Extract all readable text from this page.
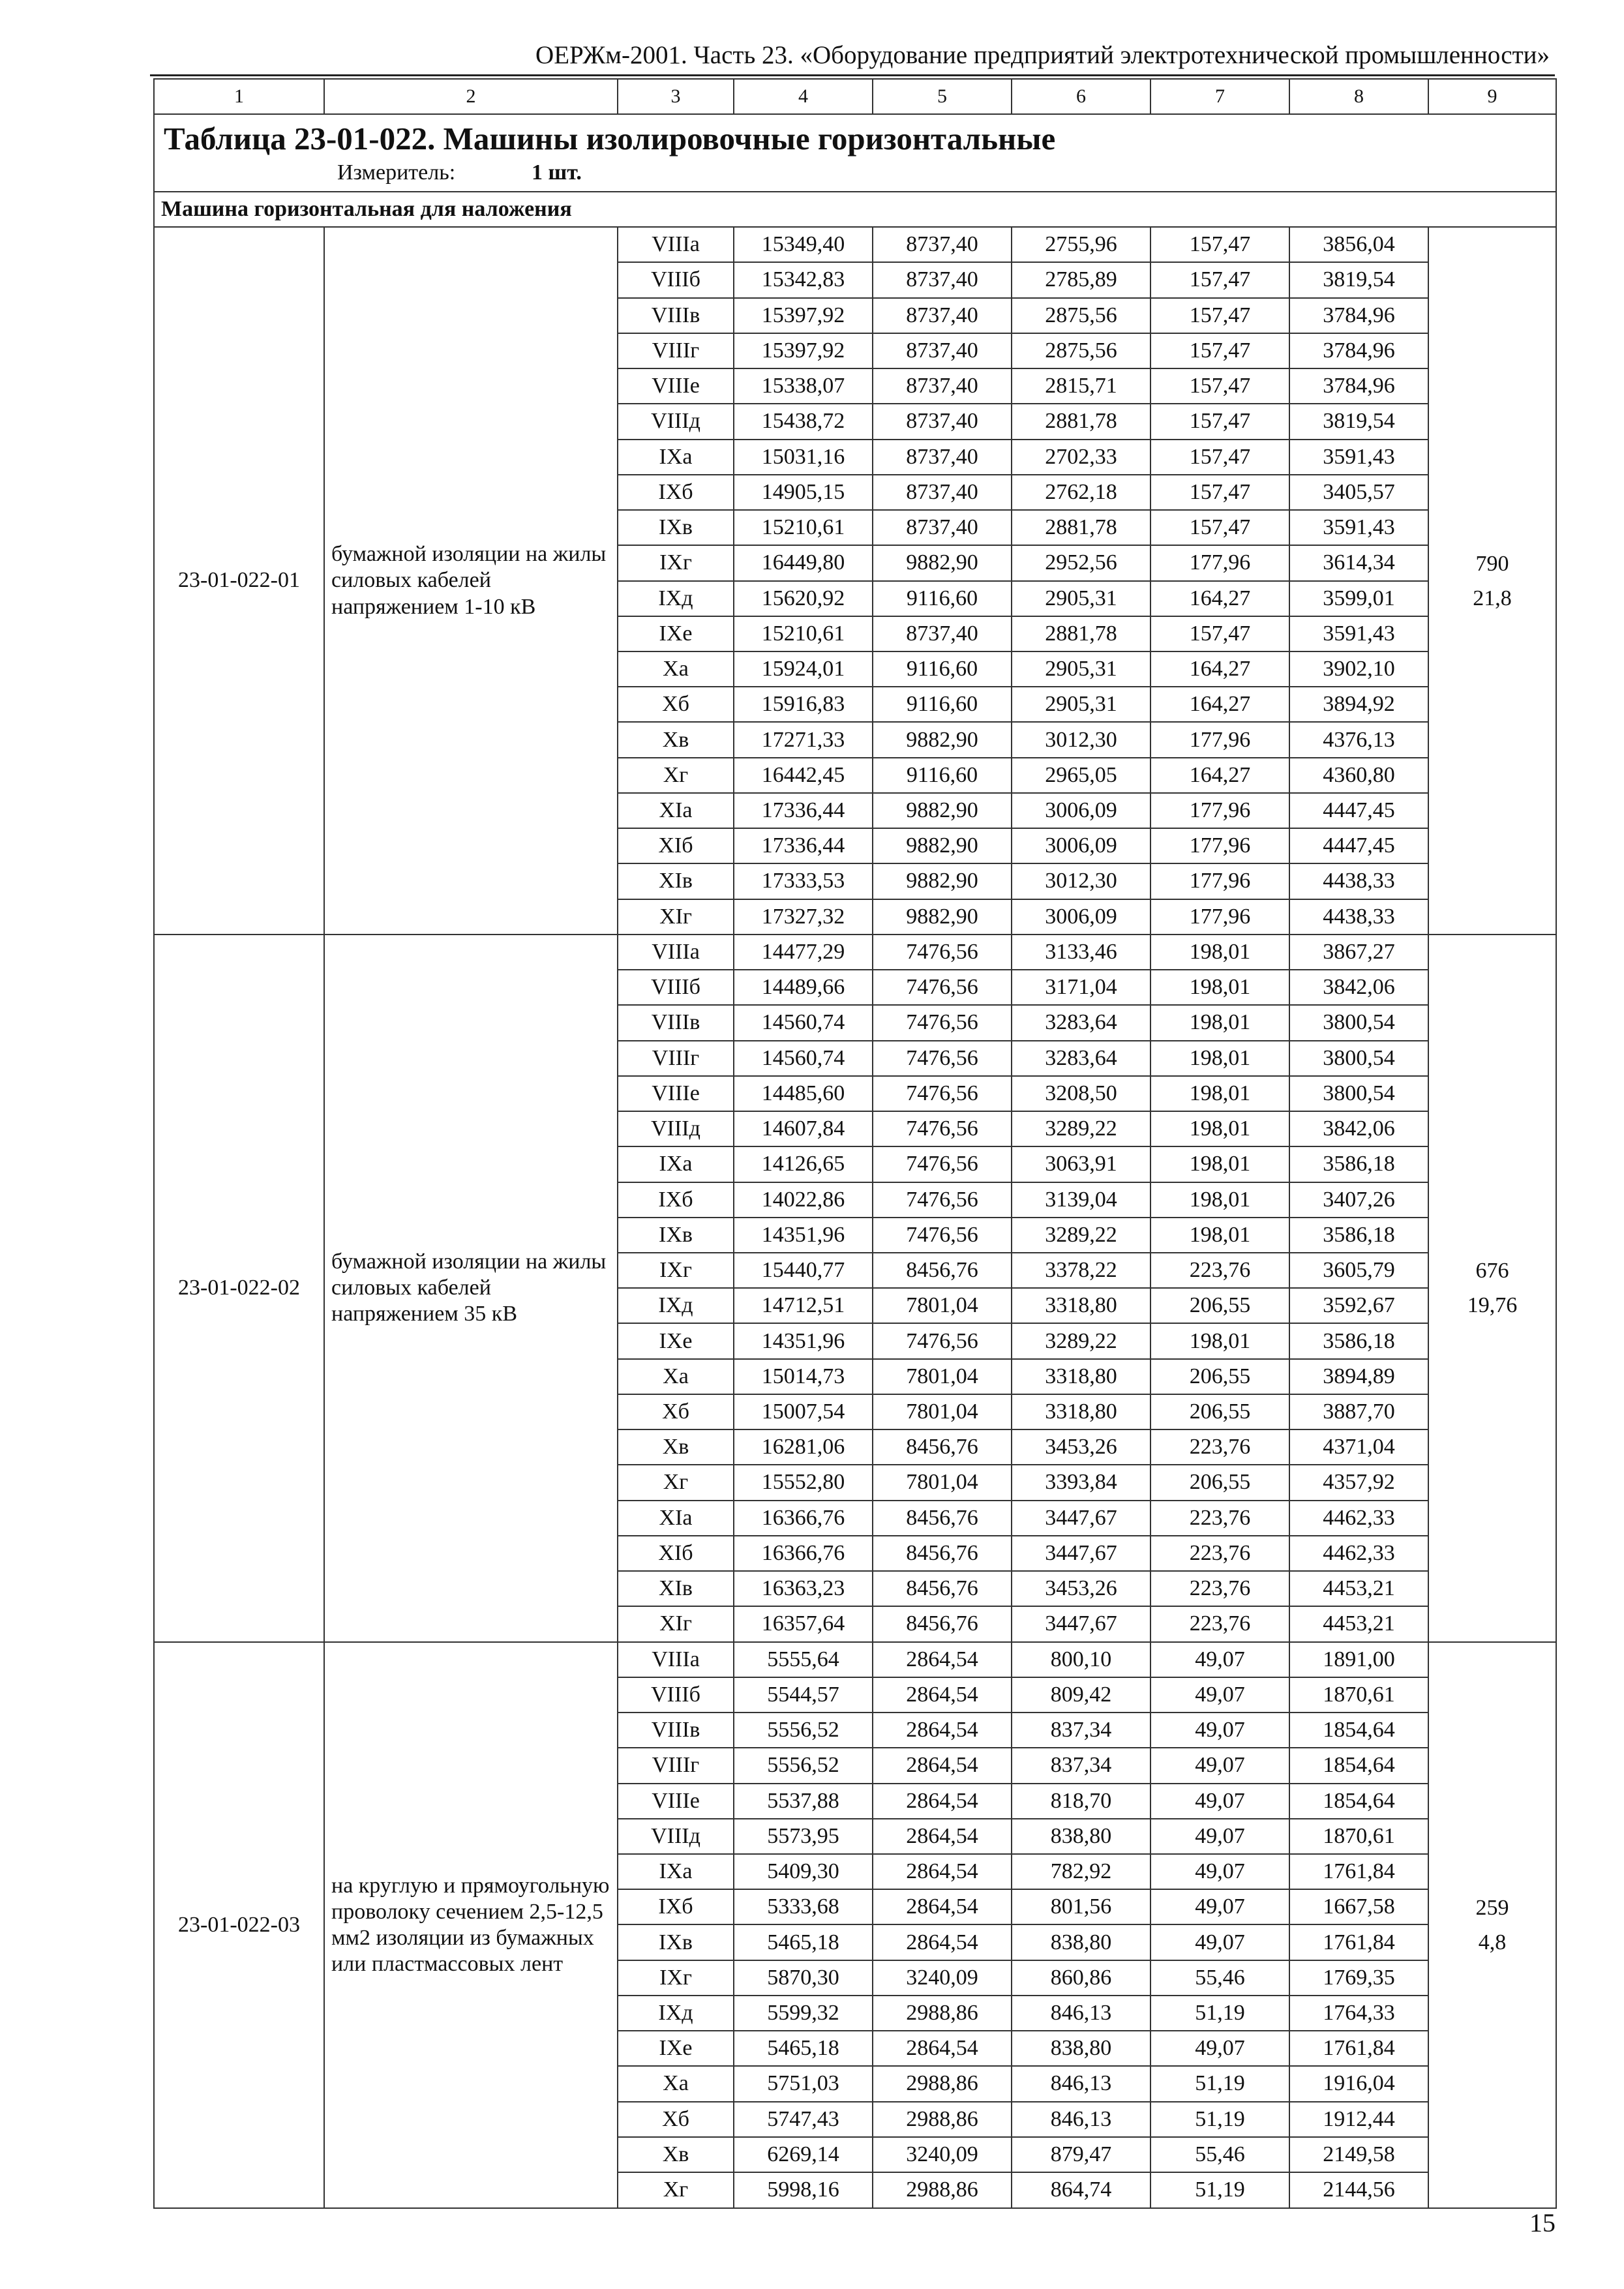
ОЕРЖм-2001. Часть 23. «Оборудование предприятий электротехнической промышленности»
1	2	3	4	5	6	7	8	9

Таблица 23-01-022. Машины изолировочные горизонтальные
Измеритель: 1 шт.								

Машина горизонтальная для наложения								
23-01-022-01	бумажной изоляции на жилы силовых кабелей напряжением 1-10 кВ	VIIIа	15349,40	8737,40	2755,96	157,47	3856,04	790
21,8

		VIIIб	15342,83	8737,40	2785,89	157,47	3819,54	
		VIIIв	15397,92	8737,40	2875,56	157,47	3784,96	
		VIIIг	15397,92	8737,40	2875,56	157,47	3784,96	
		VIIIе	15338,07	8737,40	2815,71	157,47	3784,96	
		VIIIд	15438,72	8737,40	2881,78	157,47	3819,54	
		IXа	15031,16	8737,40	2702,33	157,47	3591,43	
		IXб	14905,15	8737,40	2762,18	157,47	3405,57	
		IXв	15210,61	8737,40	2881,78	157,47	3591,43	
		IXг	16449,80	9882,90	2952,56	177,96	3614,34	
		IXд	15620,92	9116,60	2905,31	164,27	3599,01	
		IXе	15210,61	8737,40	2881,78	157,47	3591,43	
		Xа	15924,01	9116,60	2905,31	164,27	3902,10	
		Xб	15916,83	9116,60	2905,31	164,27	3894,92	
		Xв	17271,33	9882,90	3012,30	177,96	4376,13	
		Xг	16442,45	9116,60	2965,05	164,27	4360,80	
		XIа	17336,44	9882,90	3006,09	177,96	4447,45	
		XIб	17336,44	9882,90	3006,09	177,96	4447,45	
		XIв	17333,53	9882,90	3012,30	177,96	4438,33	
		XIг	17327,32	9882,90	3006,09	177,96	4438,33	
23-01-022-02	бумажной изоляции на жилы силовых кабелей напряжением 35 кВ	VIIIа	14477,29	7476,56	3133,46	198,01	3867,27	676
19,76

		VIIIб	14489,66	7476,56	3171,04	198,01	3842,06	
		VIIIв	14560,74	7476,56	3283,64	198,01	3800,54	
		VIIIг	14560,74	7476,56	3283,64	198,01	3800,54	
		VIIIе	14485,60	7476,56	3208,50	198,01	3800,54	
		VIIIд	14607,84	7476,56	3289,22	198,01	3842,06	
		IXа	14126,65	7476,56	3063,91	198,01	3586,18	
		IXб	14022,86	7476,56	3139,04	198,01	3407,26	
		IXв	14351,96	7476,56	3289,22	198,01	3586,18	
		IXг	15440,77	8456,76	3378,22	223,76	3605,79	
		IXд	14712,51	7801,04	3318,80	206,55	3592,67	
		IXе	14351,96	7476,56	3289,22	198,01	3586,18	
		Xа	15014,73	7801,04	3318,80	206,55	3894,89	
		Xб	15007,54	7801,04	3318,80	206,55	3887,70	
		Xв	16281,06	8456,76	3453,26	223,76	4371,04	
		Xг	15552,80	7801,04	3393,84	206,55	4357,92	
		XIа	16366,76	8456,76	3447,67	223,76	4462,33	
		XIб	16366,76	8456,76	3447,67	223,76	4462,33	
		XIв	16363,23	8456,76	3453,26	223,76	4453,21	
		XIг	16357,64	8456,76	3447,67	223,76	4453,21	
23-01-022-03	на круглую и прямоугольную проволоку сечением 2,5-12,5 мм2 изоляции из бумажных или пластмассовых лент	VIIIа	5555,64	2864,54	800,10	49,07	1891,00	259
4,8

		VIIIб	5544,57	2864,54	809,42	49,07	1870,61	
		VIIIв	5556,52	2864,54	837,34	49,07	1854,64	
		VIIIг	5556,52	2864,54	837,34	49,07	1854,64	
		VIIIе	5537,88	2864,54	818,70	49,07	1854,64	
		VIIIд	5573,95	2864,54	838,80	49,07	1870,61	
		IXа	5409,30	2864,54	782,92	49,07	1761,84	
		IXб	5333,68	2864,54	801,56	49,07	1667,58	
		IXв	5465,18	2864,54	838,80	49,07	1761,84	
		IXг	5870,30	3240,09	860,86	55,46	1769,35	
		IXд	5599,32	2988,86	846,13	51,19	1764,33	
		IXе	5465,18	2864,54	838,80	49,07	1761,84	
		Xа	5751,03	2988,86	846,13	51,19	1916,04	
		Xб	5747,43	2988,86	846,13	51,19	1912,44	
		Xв	6269,14	3240,09	879,47	55,46	2149,58	
		Xг	5998,16	2988,86	864,74	51,19	2144,56	
15
